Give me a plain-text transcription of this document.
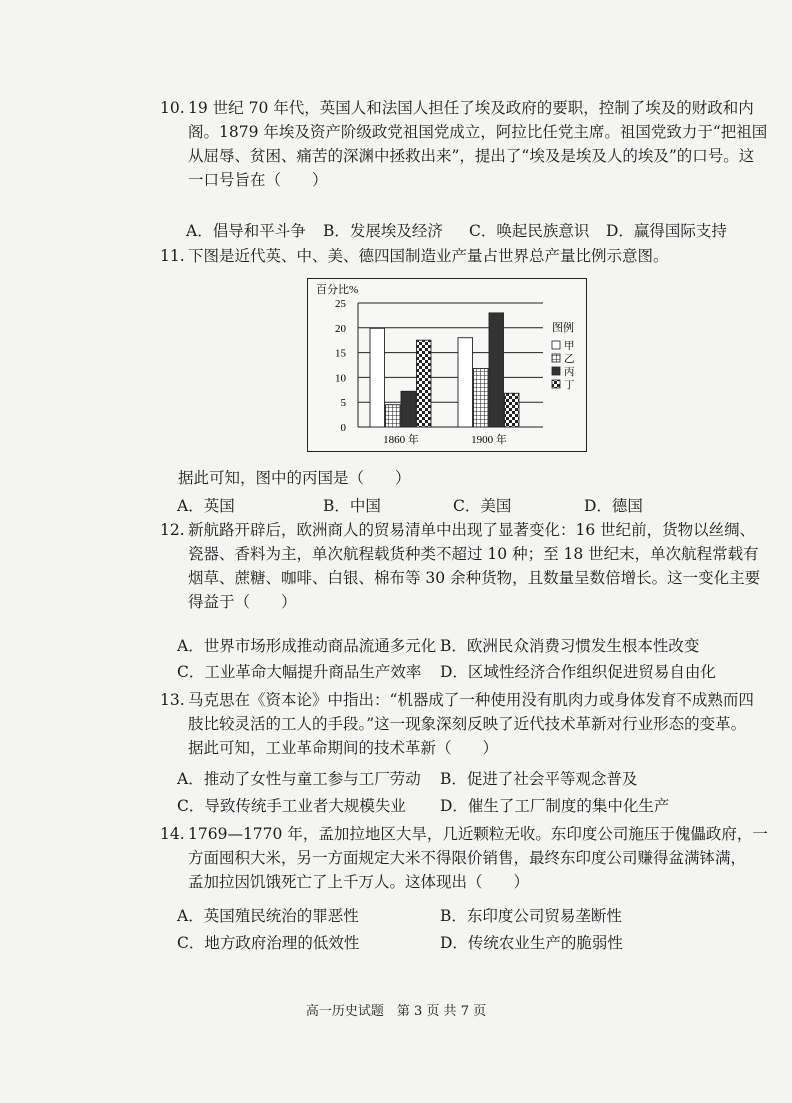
10. 19 世纪 70 年代，英国人和法国人担任了埃及政府的要职，控制了埃及的财政和内
阁。1879 年埃及资产阶级政党祖国党成立，阿拉比任党主席。祖国党致力于“把祖国
从屈辱、贫困、痛苦的深渊中拯救出来”，提出了“埃及是埃及人的埃及”的口号。这
一口号旨在（　　）
A．倡导和平斗争 B．发展埃及经济 C．唤起民族意识 D．赢得国际支持
11. 下图是近代英、中、美、德四国制造业产量占世界总产量比例示意图。
百分比%
0
5
10
15
20
25
1860 年	1900 年
图例
甲
乙
丙
丁
据此可知，图中的丙国是（　　）
A．英国	B．中国	C．美国	D．德国
12. 新航路开辟后，欧洲商人的贸易清单中出现了显著变化：16 世纪前，货物以丝绸、
瓷器、香料为主，单次航程载货种类不超过 10 种；至 18 世纪末，单次航程常载有
烟草、蔗糖、咖啡、白银、棉布等 30 余种货物，且数量呈数倍增长。这一变化主要
得益于（　　）
A．世界市场形成推动商品流通多元化 B．欧洲民众消费习惯发生根本性改变
C．工业革命大幅提升商品生产效率 D．区域性经济合作组织促进贸易自由化
13. 马克思在《资本论》中指出：“机器成了一种使用没有肌肉力或身体发育不成熟而四
肢比较灵活的工人的手段。”这一现象深刻反映了近代技术革新对行业形态的变革。
据此可知，工业革命期间的技术革新（　　）
A．推动了女性与童工参与工厂劳动 B．促进了社会平等观念普及
C．导致传统手工业者大规模失业 D．催生了工厂制度的集中化生产
14. 1769—1770 年，孟加拉地区大旱，几近颗粒无收。东印度公司施压于傀儡政府，一
方面囤积大米，另一方面规定大米不得限价销售，最终东印度公司赚得盆满钵满，
孟加拉因饥饿死亡了上千万人。这体现出（　　）
A．英国殖民统治的罪恶性	B．东印度公司贸易垄断性
C．地方政府治理的低效性	D．传统农业生产的脆弱性
高一历史试题　第 3 页 共 7 页
